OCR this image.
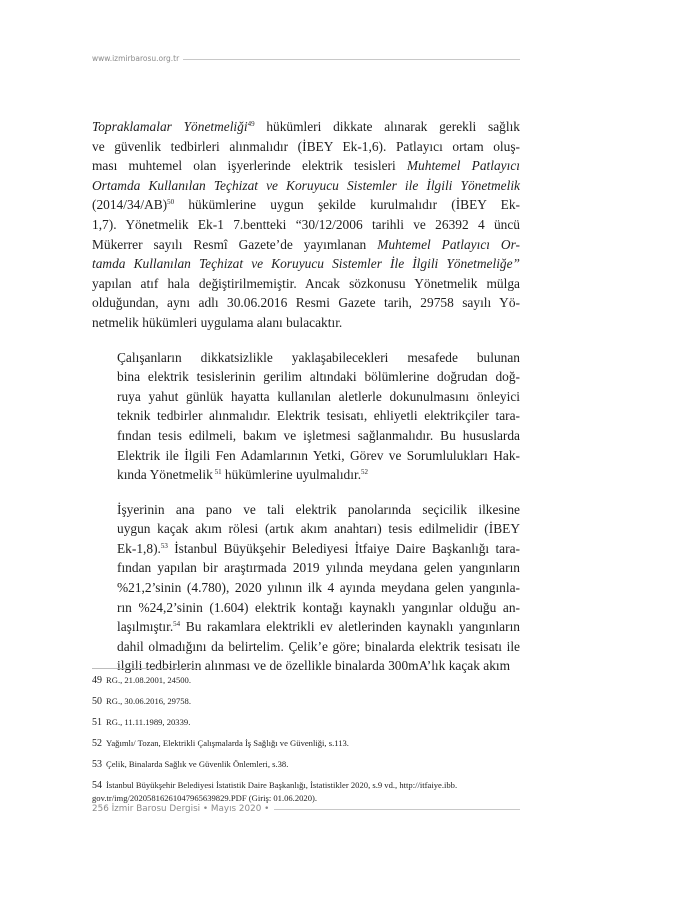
www.izmirbarosu.org.tr

Topraklamalar Yönetmeliği$^{49}$ hükümleri dikkate alınarak gerekli sağlık
ve güvenlik tedbirleri alınmalıdır (İBEY Ek-1,6). Patlayıcı ortam oluş-
ması muhtemel olan işyerlerinde elektrik tesisleri Muhtemel Patlayıcı
Ortamda Kullanılan Teçhizat ve Koruyucu Sistemler ile İlgili Yönetmelik
$(2014/34/AB)^{50}$ hükümlerine uygun şekilde kurulmalıdır (İBEY Ek-
1,7). Yönetmelik Ek-1 7.bentteki “30/12/2006 tarihli ve 26392 4 üncü
Mükerrer sayılı Resmî Gazete’de yayımlanan Muhtemel Patlayıcı Or-
tamda Kullanılan Teçhizat ve Koruyucu Sistemler İle İlgili Yönetmeliğe”
yapılan atıf hala değiştirilmemiştir. Ancak sözkonusu Yönetmelik mülga
olduğundan, aynı adlı 30.06.2016 Resmi Gazete tarih, 29758 sayılı Yö-
netmelik hükümleri uygulama alanı bulacaktır.

Çalışanların dikkatsizlikle yaklaşabilecekleri mesafede bulunan
bina elektrik tesislerinin gerilim altındaki bölümlerine doğrudan doğ-
ruya yahut günlük hayatta kullanılan aletlerle dokunulmasını önleyici
teknik tedbirler alınmalıdır. Elektrik tesisatı, ehliyetli elektrikçiler tara-
fından tesis edilmeli, bakım ve işletmesi sağlanmalıdır. Bu hususlarda
Elektrik ile İlgili Fen Adamlarının Yetki, Görev ve Sorumlulukları Hak-
kında Yönetmelik $^{51}$ hükümlerine uyulmalıdır.$^{52}$

İşyerinin ana pano ve tali elektrik panolarında seçicilik ilkesine
uygun kaçak akım rölesi (artık akım anahtarı) tesis edilmelidir (İBEY
Ek-1,8).$^{53}$ İstanbul Büyükşehir Belediyesi İtfaiye Daire Başkanlığı tara-
fından yapılan bir araştırmada 2019 yılında meydana gelen yangınların
%21,2’sinin (4.780), 2020 yılının ilk 4 ayında meydana gelen yangınla-
rın %24,2’sinin (1.604) elektrik kontağı kaynaklı yangınlar olduğu an-
laşılmıştır.$^{54}$ Bu rakamlara elektrikli ev aletlerinden kaynaklı yangınların
dahil olmadığını da belirtelim. Çelik’e göre; binalarda elektrik tesisatı ile
ilgili tedbirlerin alınması ve de özellikle binalarda 300mA’lık kaçak akım

49 RG., 21.08.2001, 24500.
50 RG., 30.06.2016, 29758.
51 RG., 11.11.1989, 20339.
52 Yağımlı/ Tozan, Elektrikli Çalışmalarda İş Sağlığı ve Güvenliği, s.113.
53 Çelik, Binalarda Sağlık ve Güvenlik Önlemleri, s.38.
54 İstanbul Büyükşehir Belediyesi İstatistik Daire Başkanlığı, İstatistikler 2020, s.9 vd., http://itfaiye.ibb.
gov.tr/img/20205816261047965639829.PDF (Giriş: 01.06.2020).
256 İzmir Barosu Dergisi • Mayıs 2020 •
